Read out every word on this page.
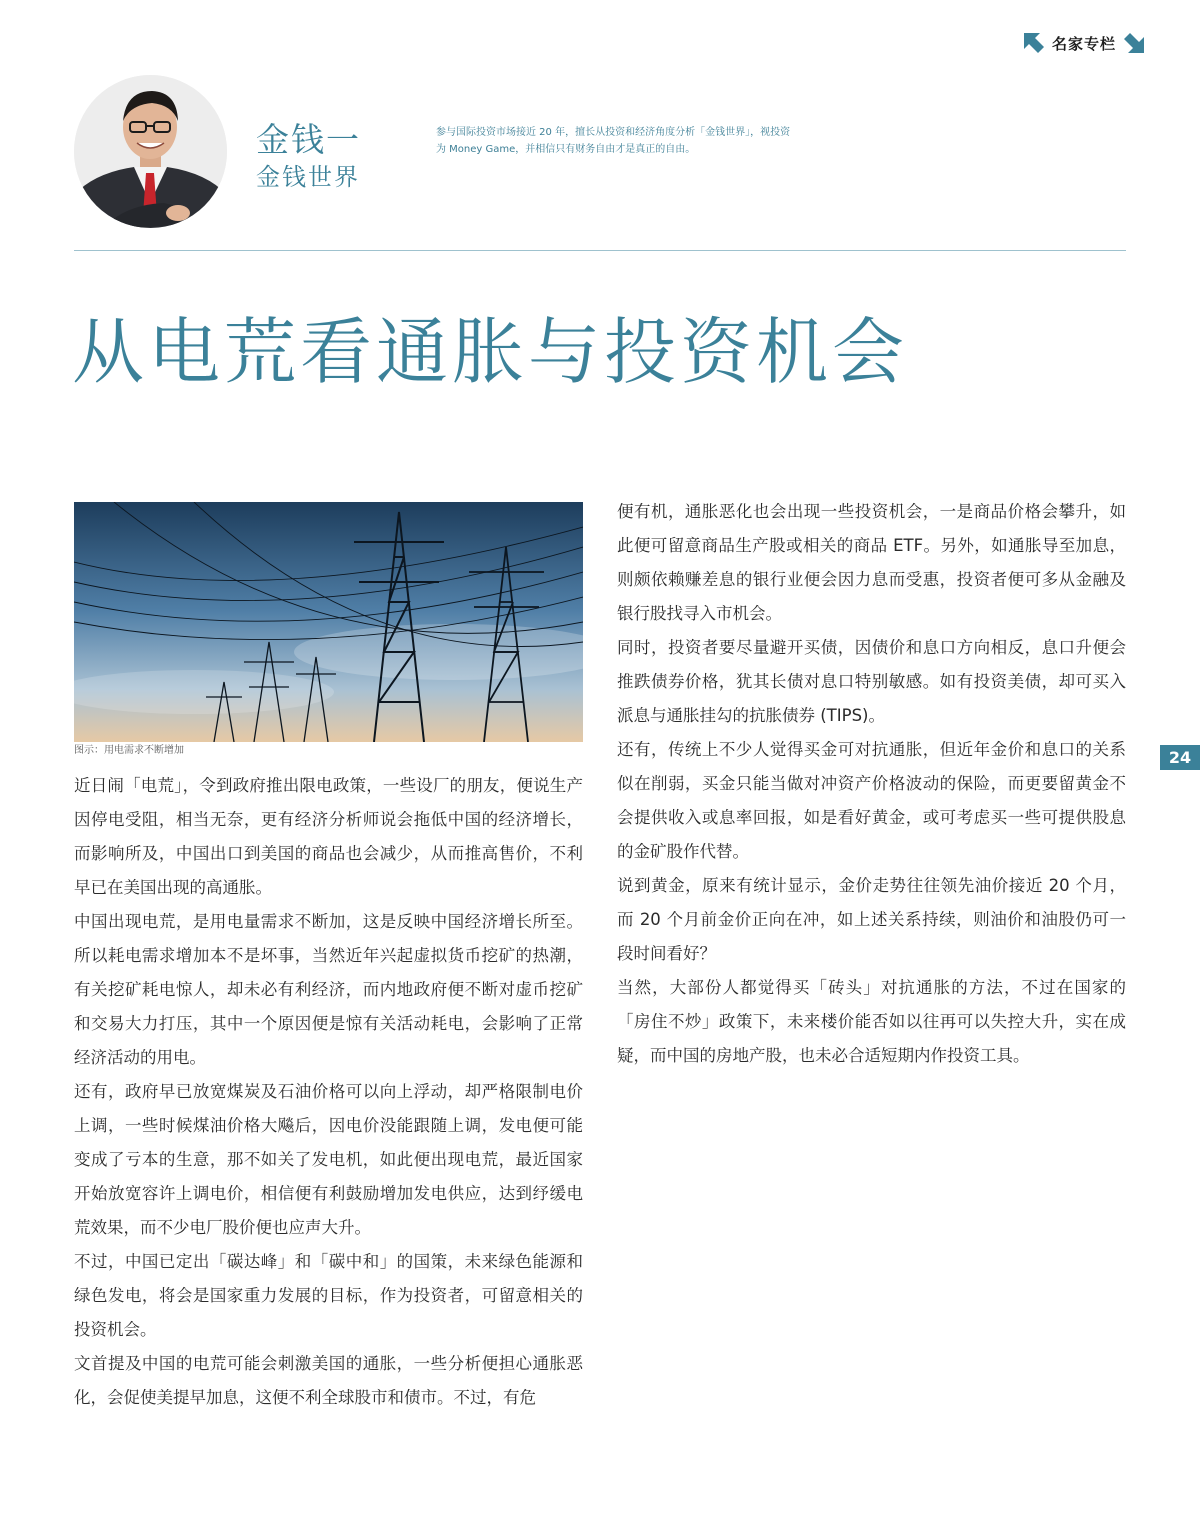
名家专栏
金钱一
金钱世界
参与国际投资市场接近 20 年，擅长从投资和经济角度分析「金钱世界」，视投资为 Money Game，并相信只有财务自由才是真正的自由。
从电荒看通胀与投资机会
图示：用电需求不断增加

近日闹「电荒」，令到政府推出限电政策，一些设厂的朋友，便说生产因停电受阻，相当无奈，更有经济分析师说会拖低中国的经济增长，而影响所及，中国出口到美国的商品也会减少，从而推高售价，不利早已在美国出现的高通胀。

中国出现电荒，是用电量需求不断加，这是反映中国经济增长所至。所以耗电需求增加本不是坏事，当然近年兴起虚拟货币挖矿的热潮，有关挖矿耗电惊人，却未必有利经济，而内地政府便不断对虚币挖矿和交易大力打压，其中一个原因便是惊有关活动耗电，会影响了正常经济活动的用电。

还有，政府早已放宽煤炭及石油价格可以向上浮动，却严格限制电价上调，一些时候煤油价格大飚后，因电价没能跟随上调，发电便可能变成了亏本的生意，那不如关了发电机，如此便出现电荒，最近国家开始放宽容许上调电价，相信便有利鼓励增加发电供应，达到纾缓电荒效果，而不少电厂股价便也应声大升。

不过，中国已定出「碳达峰」和「碳中和」的国策，未来绿色能源和绿色发电，将会是国家重力发展的目标，作为投资者，可留意相关的投资机会。

文首提及中国的电荒可能会刺激美国的通胀，一些分析便担心通胀恶化，会促使美提早加息，这便不利全球股市和债市。不过，有危

便有机，通胀恶化也会出现一些投资机会，一是商品价格会攀升，如此便可留意商品生产股或相关的商品 ETF。另外，如通胀导至加息，则颇依赖赚差息的银行业便会因力息而受惠，投资者便可多从金融及银行股找寻入市机会。

同时，投资者要尽量避开买债，因债价和息口方向相反，息口升便会推跌债券价格，犹其长债对息口特别敏感。如有投资美债，却可买入派息与通胀挂勾的抗胀债券 (TIPS)。

还有，传统上不少人觉得买金可对抗通胀，但近年金价和息口的关系似在削弱，买金只能当做对冲资产价格波动的保险，而更要留黄金不会提供收入或息率回报，如是看好黄金，或可考虑买一些可提供股息的金矿股作代替。

说到黄金，原来有统计显示，金价走势往往领先油价接近 20 个月，而 20 个月前金价正向在冲，如上述关系持续，则油价和油股仍可一段时间看好？

当然，大部份人都觉得买「砖头」对抗通胀的方法，不过在国家的「房住不炒」政策下，未来楼价能否如以往再可以失控大升，实在成疑，而中国的房地产股，也未必合适短期内作投资工具。

24
